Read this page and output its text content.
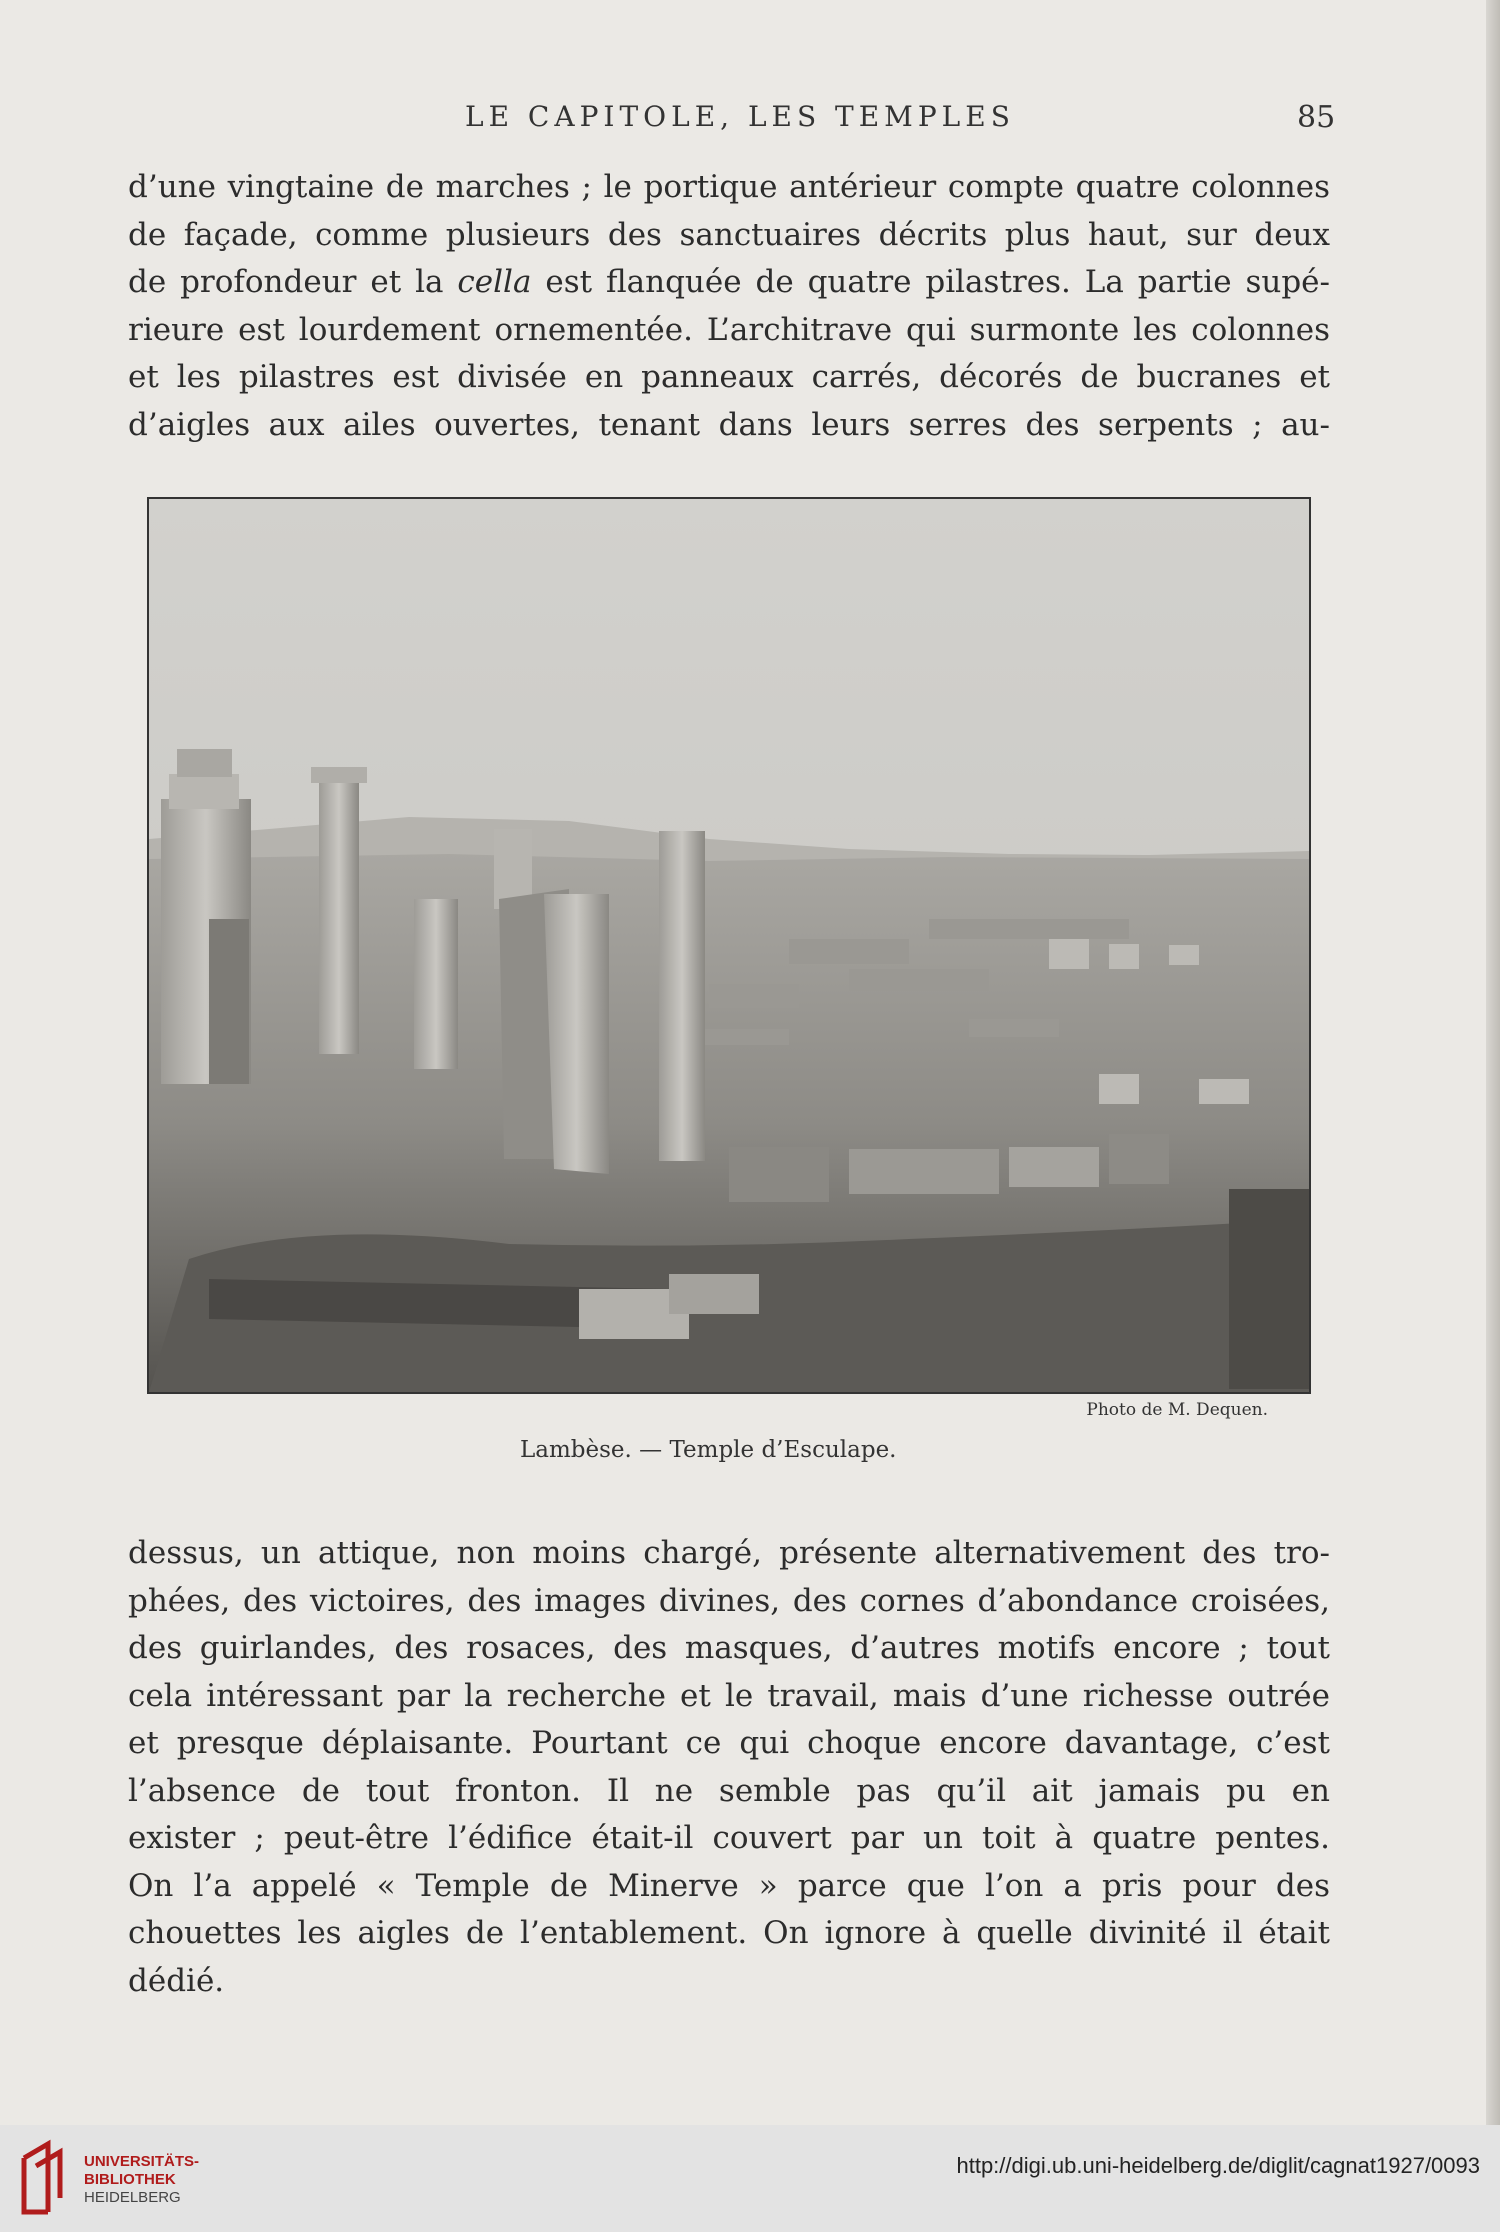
LE CAPITOLE, LES TEMPLES	85
d’une vingtaine de marches ; le portique antérieur compte quatre colonnes
de façade, comme plusieurs des sanctuaires décrits plus haut, sur deux
de profondeur et la cella est flanquée de quatre pilastres. La partie supé-
rieure est lourdement ornementée. L’architrave qui surmonte les colonnes
et les pilastres est divisée en panneaux carrés, décorés de bucranes et
d’aigles aux ailes ouvertes, tenant dans leurs serres des serpents ; au-
Photo de M. Dequen.
Lambèse. — Temple d’Esculape.
dessus, un attique, non moins chargé, présente alternativement des tro-
phées, des victoires, des images divines, des cornes d’abondance croisées,
des guirlandes, des rosaces, des masques, d’autres motifs encore ; tout
cela intéressant par la recherche et le travail, mais d’une richesse outrée
et presque déplaisante. Pourtant ce qui choque encore davantage, c’est
l’absence de tout fronton. Il ne semble pas qu’il ait jamais pu en
exister ; peut-être l’édifice était-il couvert par un toit à quatre pentes.
On l’a appelé « Temple de Minerve » parce que l’on a pris pour des
chouettes les aigles de l’entablement. On ignore à quelle divinité il était
dédié.
UNIVERSITÄTS-
BIBLIOTHEK
HEIDELBERG
http://digi.ub.uni-heidelberg.de/diglit/cagnat1927/0093
